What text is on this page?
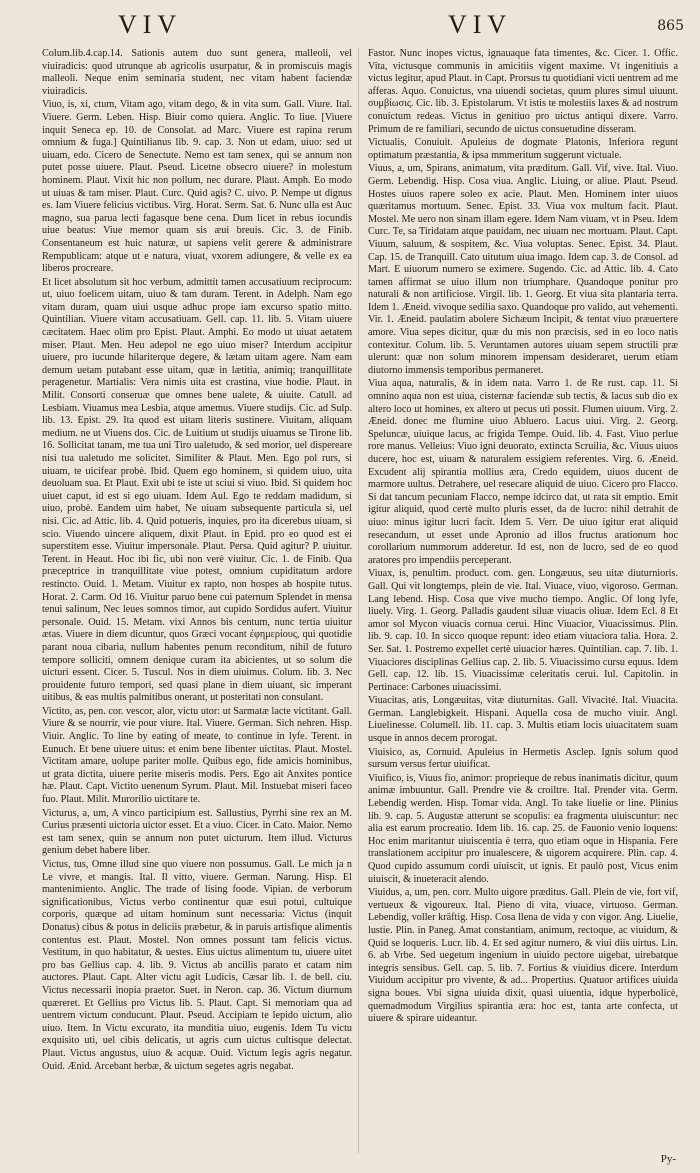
VIV	VIV	865

Colum.lib.4.cap.14. Sationis autem duo sunt genera, malleoli, vel viuiradicis: quod utrunque ab agricolis usurpatur, & in promiscuis magis malleoli. Neque enim seminaria student, nec vitam habent faciendæ viuiradicis.

Viuo, is, xi, ctum, Vitam ago, vitam dego, & in vita sum. Gall. Viure. Ital. Viuere. Germ. Leben. Hisp. Biuir como quiera. Anglic. To liue. [Viuere inquit Seneca ep. 10. de Consolat. ad Marc. Viuere est rapina rerum omnium & fuga.] Quintilianus lib. 9. cap. 3. Non ut edam, uiuo: sed ut uiuam, edo. Cicero de Senectute. Nemo est tam senex, qui se annum non putet posse uiuere. Plaut. Pseud. Licetne obsecro uiuere? in molestum hominem. Plaut. Vixit hic non pollum, nec durare. Plaut. Amph. Eo modo ut uiuas & tam miser. Plaut. Curc. Quid agis? C. uivo. P. Nempe ut dignus es. Iam Viuere felicius victibus. Virg. Horat. Serm. Sat. 6. Nunc ulla est Auc magno, sua parua lecti fagasque bene cena. Dum licet in rebus iocundis uiue beatus: Viue memor quam sis æui breuis. Cic. 3. de Finib. Consentaneum est huic naturæ, ut sapiens velit gerere & administrare Rempublicam: atque ut e natura, viuat, vxorem adiungere, & velle ex ea liberos procreare.

Et licet absolutum sit hoc verbum, admittit tamen accusatiuum reciprocum: ut, uiuo foelicem uitam, uiuo & tam duram. Terent. in Adelph. Nam ego vitam duram, quam uiui usque adhuc prope iam excurso spatio mitto. Quintilian. Viuere vitam accusatiuam. Gell. cap. 11. lib. 5. Vitam uiuere cæcitatem. Haec olim pro Epist. Plaut. Amphi. Eo modo ut uiuat aetatem miser. Plaut. Men. Heu adepol ne ego uiuo miser? Interdum accipitur uiuere, pro iucunde hilariterque degere, & lætam uitam agere. Nam eam demum uetam putabant esse uitam, quæ in lætitia, animiq; tranquillitate peragenetur. Martialis: Vera nimis uita est crastina, viue hodie. Plaut. in Milit. Consorti conseruæ que omnes bene ualete, & uiuite. Catull. ad Lesbiam. Viuamus mea Lesbia, atque amemus. Viuere studijs. Cic. ad Sulp. lib. 13. Epist. 29. Ita quod est uitam literis sustinere. Viuitam, aliquam medium. ne ut Viuens dos. Cic. de Luitium ut studijs uiuamus se Tirone lib. 16. Sollicitat tanam, me tua uni Tiro ualetudo, & sed morior, uel dispereare nisi tua ualetudo me solicitet. Similiter & Plaut. Men. Ego pol rurs, si uiuam, te uicifear probè. Ibid. Quem ego hominem, si quidem uiuo, uita deuoluam sua. Et Plaut. Exit ubi te iste ut sciui si viuo. Ibid. Si quidem hoc uiuet caput, id est si ego uiuam. Idem Aul. Ego te reddam madidum, si uiuo, probè. Eandem uim habet, Ne uiuam subsequente particula si, uel nisi. Cic. ad Attic. lib. 4. Quid potueris, inquies, pro ita dicerebus uiuam, si scio. Viuendo uincere aliquem, dixit Plaut. in Epid. pro eo quod est ei superstitem esse. Viuitur impersonale. Plaut. Persa. Quid agitur? P. uiuitur. Terent. in Heaut. Hoc ibi fic, ubi non verè viuitur. Cic. 1. de Finib. Qua præceptrice in tranquillitate viue potest, omnium cupiditatum ardore restincto. Ouid. 1. Metam. Viuitur ex rapto, non hospes ab hospite tutus. Horat. 2. Carm. Od 16. Viuitur paruo bene cui paternum Splendet in mensa tenui salinum, Nec leues somnos timor, aut cupido Sordidus aufert. Viuitur personale. Ouid. 15. Metam. vixi Annos bis centum, nunc tertia uiuitur ætas. Viuere in diem dicuntur, quos Græci vocant ἐφημερίους, qui quotidie parant noua cibaria, nullum habentes penum reconditum, nihil de futuro tempore solliciti, omnem denique curam ita abicientes, ut so solum die uicturi essent. Cicer. 5. Tuscul. Nos in diem uiuimus. Colum. lib. 3. Nec prouidente futuro tempori, sed quasi plane in diem uiuant, sic imperant uitibus, & eas multis palmitibus onerant, ut posteritati non consulant.

Victito, as, pen. cor. vescor, alor, victu utor: ut Sarmatæ lacte victitant. Gall. Viure & se nourrir, vie pour viure. Ital. Viuere. German. Sich nehren. Hisp. Viuir. Anglic. To line by eating of meate, to continue in lyfe. Terent. in Eunuch. Et bene uiuere uitus: et enim bene libenter uictitas. Plaut. Mostel. Victitam amare, uolupe pariter molle. Quibus ego, fide amicis hominibus, ut grata dictita, uiuere perite miseris modis. Pers. Ego ait Anxites pontice hæ. Plaut. Capt. Victito uenenum Syrum. Plaut. Mil. Instuebat miseri faceo fuo. Plaut. Milit. Murorilio uictitare te.

Victurus, a, um, A vinco participium est. Sallustius, Pyrrhi sine rex an M. Curius præsenti uictoria uictor esset. Et a viuo. Cicer. in Cato. Maior. Nemo est tam senex, quin se annum non putet uicturum. Item illud. Victurus genium debet habere liber.

Victus, tus, Omne illud sine quo viuere non possumus. Gall. Le mich ja n Le vivre, et mangis. Ital. Il vitto, viuere. German. Narung. Hisp. El mantenimiento. Anglic. The trade of lising foode. Vipian. de verborum significationibus, Victus verbo continentur quæ esui potui, cultuique corporis, quæque ad uitam hominum sunt necessaria: Victus (inquit Donatus) cibus & potus in deliciis præbetur, & in paruis artisfique alimentis contentus est. Plaut. Mostel. Non omnes possunt tam felicis victus. Vestitum, in quo habitatur, & uestes. Eius uictus alimentum tu, uiuere uitet pro bas Gellius cap. 4. lib. 9. Victus ab ancillis parato et catam nim auctores. Plaut. Capt. Alter victu agit Ludicis, Cæsar lib. 1. de bell. ciu. Victus necessarii inopia praetor. Suet. in Neron. cap. 36. Victum diurnum quæreret. Et Gellius pro Victus lib. 5. Plaut. Capt. Si memoriam qua ad uentrem victum conducunt. Plaut. Pseud. Accipiam te lepido uictum, alio uiuo. Item. In Victu excurato, ita munditia uiuo, eugenis. Idem Tu victu exquisito uti, uel cibis delicatis, ut agris cum uictus cultisque delectat. Plaut. Victus angustus, uiuo & acquæ. Ouid. Victum legis agris negatur. Ouid. Ænid. Arcebant herbæ, & uictum segetes agris negabat.

Fastor. Nunc inopes victus, ignauaque fata timentes, &c. Cicer. 1. Offic. Vita, victusque communis in amicitiis vigent maxime. Vt ingenitiuis a victus legitur, apud Plaut. in Capt. Prorsus tu quotidiani victi uentrem ad me afferas. Aquo. Conuictus, vna uiuendi societas, quum plures simul uiuunt. συμβίωσις. Cic. lib. 3. Epistolarum. Vt istis te molestiis laxes & ad nostrum conuictum redeas. Victus in genitiuo pro uictus antiqui dixere. Varro. Primum de re familiari, secundo de uictus consuetudine disseram.

Victualis, Conuiuit. Apuleius de dogmate Platonis, Inferiora regunt optimatum præstantia, & ipsa mmmeritum suggerunt victuale.

Viuus, a, um, Spirans, animatum, vita præditum. Gall. Vif, vive. Ital. Viuo. Germ. Lebendig. Hisp. Cosa viua. Anglic. Liuing, or aliue. Plaut. Pseud. Hostes uiuos rapere soleo ex acie. Plaut. Men. Hominem inter uiuos quæritamus mortuum. Senec. Epist. 33. Viua vox multum facit. Plaut. Mostel. Me uero non sinam illam egere. Idem Nam viuam, vt in Pseu. Idem Curc. Te, sa Tiridatam atque pauidam, nec uiuam nec mortuam. Plaut. Capt. Viuum, saluum, & sospitem, &c. Viua voluptas. Senec. Epist. 34. Plaut. Cap. 15. de Tranquill. Cato uitutum uiua imago. Idem cap. 3. de Consol. ad Mart. E uiuorum numero se eximere. Sugendo. Cic. ad Attic. lib. 4. Cato tamen affirmat se uiuo illum non triumphare. Quandoque ponitur pro naturali & non artificiose. Virgil. lib. 1. Georg. Et viua sita plantaria terra. Idem 1. Æneid. vivoque sedilia saxo. Quandoque pro valido, aut vehementi. Vir. 1. Æneid. paulatim abolere Sichæum Incipit, & tentat viuo præuertere amore. Viua sepes dicitur, quæ du mis non præcisis, sed in eo loco natis contexitur. Colum. lib. 5. Veruntamen autores uiuam sepem structili præ ulerunt: quæ non solum minorem impensam desideraret, uerum etiam diutorno immensis temporibus permaneret.

Viua aqua, naturalis, & in idem nata. Varro 1. de Re rust. cap. 11. Si omnino aqua non est uiua, cisternæ faciendæ sub tectis, & lacus sub dio ex altero loco ut homines, ex altero ut pecus uti possit. Flumen uiuum. Virg. 2. Æneid. donec me flumine uiuo Abluero. Lacus uiui. Virg. 2. Georg. Speluncæ, uiuique lacus, ac frigida Tempe. Ouid. lib. 4. Fast. Viuo perlue rore manus. Velleius: Viuo igni deuorato, extincta Scruilia, &c. Viuus uiuos ducere, hoc est, uiuam & naturalem essigiem referentes. Virg. 6. Æneid. Excudent alij spirantia mollius æra, Credo equidem, uiuos ducent de marmore uultus. Detrahere, uel resecare aliquid de uiuo. Cicero pro Flacco. Si dat tancum pecuniam Flacco, nempe idcirco dat, ut rata sit emptio. Emit igitur aliquid, quod certè multo pluris esset, da de lucro: nihil detrahit de uiuo: minus igitur lucri facit. Idem 5. Verr. De uiuo igitur erat aliquid resecandum, ut esset unde Apronio ad illos fructus arationum hoc corollarium nummorum adderetur. Id est, non de lucro, sed de eo quod aratores pro impendiis perceperant.

Viuax, is, penultim. product. com. gen. Longæuus, seu uitæ diuturnioris. Gall. Qui vit longtemps, plein de vie. Ital. Viuace, viuo, vigoroso. German. Lang lebend. Hisp. Cosa que vive mucho tiempo. Anglic. Of long lyfe, liuely. Virg. 1. Georg. Palladis gaudent siluæ viuacis oliuæ. Idem Ecl. 8 Et amor sol Mycon viuacis cornua cerui. Hinc Viuacior, Viuacissimus. Plin. lib. 9. cap. 10. In sicco quoque repunt: ideo etiam viuaciora talia. Hora. 2. Ser. Sat. 1. Postremo expellet certè uiuacior hæres. Quintilian. cap. 7. lib. 1. Viuaciores disciplinas Gellius cap. 2. lib. 5. Viuacissimo cursu equus. Idem Gell. cap. 12. lib. 15. Viuacissimæ celeritatis cerui. Iul. Capitolin. in Pertinace: Carbones uiuacissimi.

Viuacitas, atis, Longæuitas, vitæ diuturnitas. Gall. Vivacité. Ital. Viuacita. German. Langlebigkeit. Hispani. Aquella cosa de mucho viuir. Angl. Liuelinesse. Columell. lib. 11. cap. 3. Multis etiam locis uiuacitatem suam usque in annos decem prorogat.

Viuisico, as, Cornuid. Apuleius in Hermetis Asclep. Ignis solum quod sursum versus fertur uiuificat.

Viuifico, is, Viuus fio, animor: proprieque de rebus inanimatis dicitur, quum animæ imbuuntur. Gall. Prendre vie & croiltre. Ital. Prender vita. Germ. Lebendig werden. Hisp. Tomar vida. Angl. To take liuelie or line. Plinius lib. 9. cap. 5. Augustæ atterunt se scopulis: ea fragmenta uiuiscuntur: nec alia est earum procreatio. Idem lib. 16. cap. 25. de Fauonio venio loquens: Hoc enim maritantur uiuiscentia è terra, quo etiam oque in Hispania. Fere translationem accipitur pro inualescere, & uigorem acquirere. Plin. cap. 4. Quod cupido assumum cordi uiuiscit, ut ignis. Et paulò post, Vicus enim uiuiscit, & inueteracit alendo.

Viuidus, a, um, pen. corr. Multo uigore præditus. Gall. Plein de vie, fort vif, vertueux & vigoureux. Ital. Pieno di vita, viuace, virtuoso. German. Lebendig, voller kräftig. Hisp. Cosa llena de vida y con vigor. Ang. Liuelie, lustie. Plin. in Paneg. Amat constantiam, animum, rectoque, ac viuidum, & Quid se loqueris. Lucr. lib. 4. Et sed agitur numero, & viui diis uirtus. Lin. 6. ab Vrbe. Sed uegetum ingenium in uiuido pectore uigebat, uirebatque integris sensibus. Gell. cap. 5. lib. 7. Fortius & viuidius dicere. Interdum Viuidum accipitur pro vivente, & ad... Propertius. Quatuor artifices uiuida signa boues. Vbi signa uiuida dixit, quasi uiuentia, idque hyperbolicè, quemadmodum Virgilius spirantia æra: hoc est, tanta arte confecta, ut uiuere & spirare uideantur.

Py-
